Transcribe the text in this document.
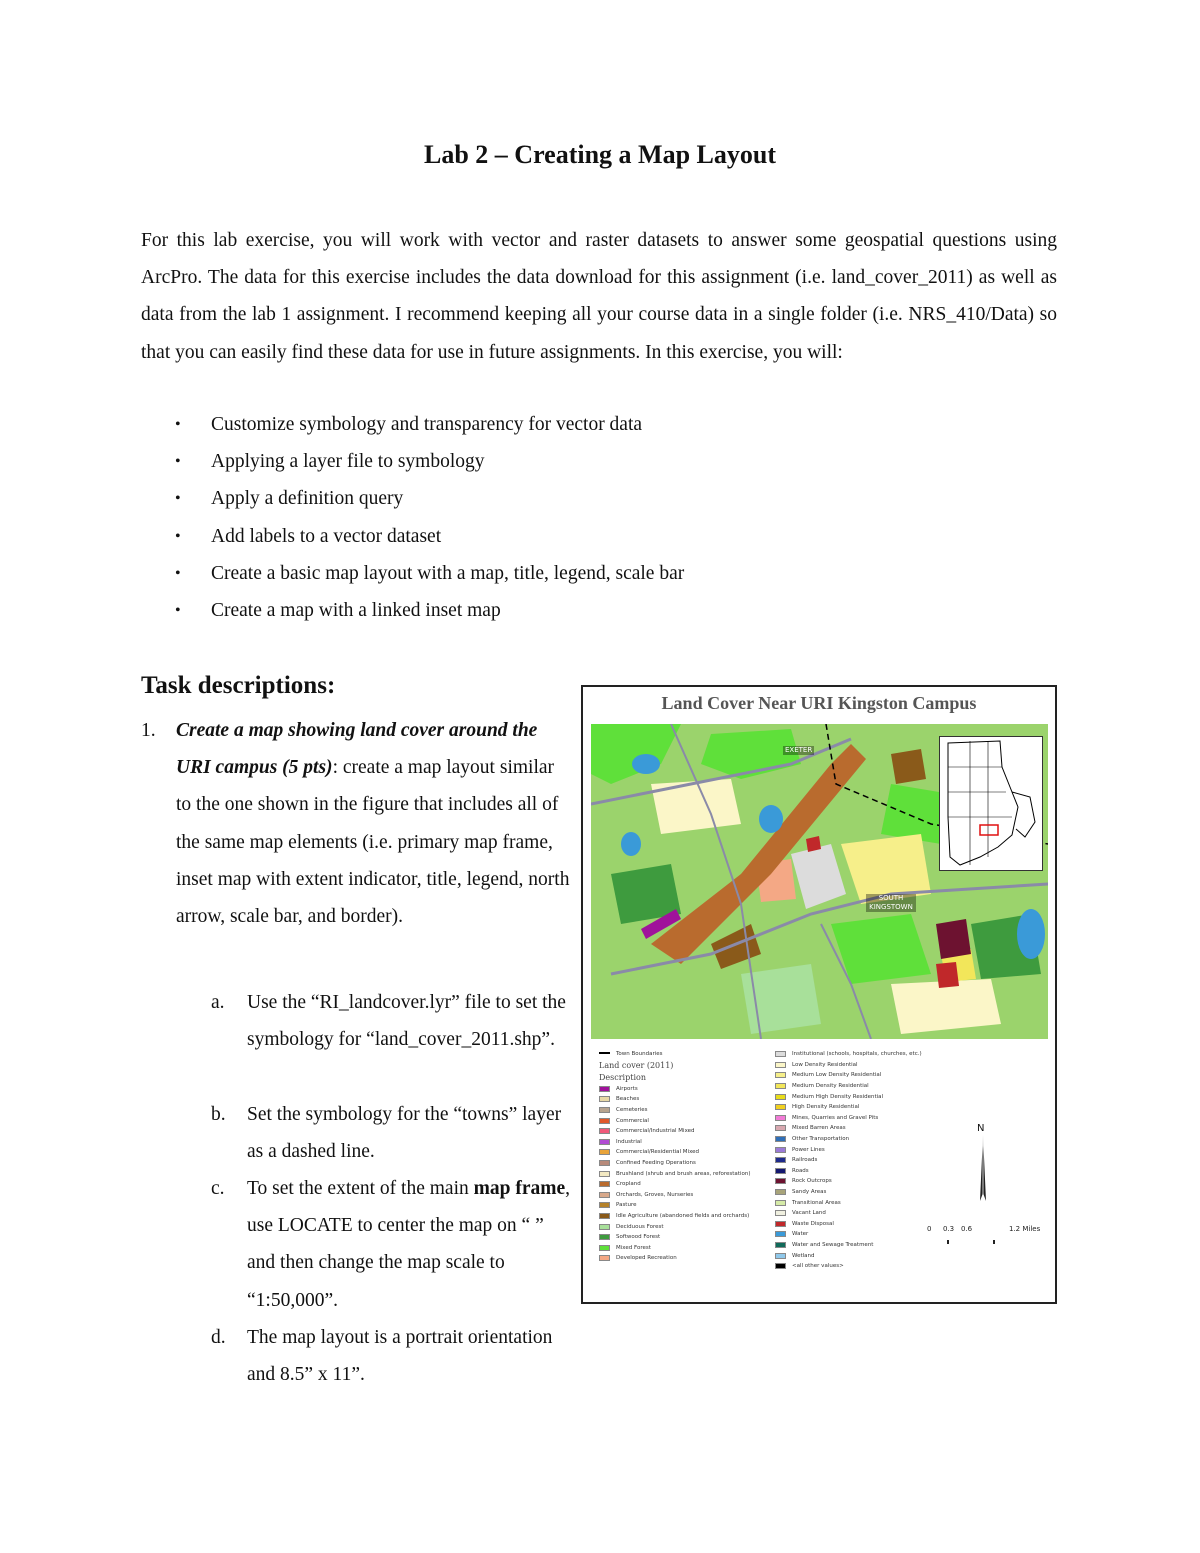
Lab 2 – Creating a Map Layout

For this lab exercise, you will work with vector and raster datasets to answer some geospatial questions using ArcPro. The data for this exercise includes the data download for this assignment (i.e. land_cover_2011) as well as data from the lab 1 assignment. I recommend keeping all your course data in a single folder (i.e. NRS_410/Data) so that you can easily find these data for use in future assignments. In this exercise, you will:

• Customize symbology and transparency for vector data
• Applying a layer file to symbology
• Apply a definition query
• Add labels to a vector dataset
• Create a basic map layout with a map, title, legend, scale bar
• Create a map with a linked inset map
Task descriptions:
1. Create a map showing land cover around the URI campus (5 pts): create a map layout similar to the one shown in the figure that includes all of the same map elements (i.e. primary map frame, inset map with extent indicator, title, legend, north arrow, scale bar, and border).
a. Use the “RI_landcover.lyr” file to set the symbology for “land_cover_2011.shp”.
b. Set the symbology for the “towns” layer as a dashed line.
c. To set the extent of the main map frame, use LOCATE to center the map on “ ” and then change the map scale to “1:50,000”.
d. The map layout is a portrait orientation and 8.5” x 11”.
Land Cover Near URI Kingston Campus
EXETER
SOUTH KINGSTOWN
Town Boundaries
Land cover (2011)
Description
Airports
Beaches
Cemeteries
Commercial
Commercial/Industrial Mixed
Industrial
Commercial/Residential Mixed
Confined Feeding Operations
Brushland (shrub and brush areas, reforestation)
Cropland
Orchards, Groves, Nurseries
Pasture
Idle Agriculture (abandoned fields and orchards)
Deciduous Forest
Softwood Forest
Mixed Forest
Developed Recreation
Institutional (schools, hospitals, churches, etc.)
Low Density Residential
Medium Low Density Residential
Medium Density Residential
Medium High Density Residential
High Density Residential
Mines, Quarries and Gravel Pits
Mixed Barren Areas
Other Transportation
Power Lines
Railroads
Roads
Rock Outcrops
Sandy Areas
Transitional Areas
Vacant Land
Waste Disposal
Water
Water and Sewage Treatment
Wetland
<all other values>
N
0 0.3 0.6	1.2 Miles
